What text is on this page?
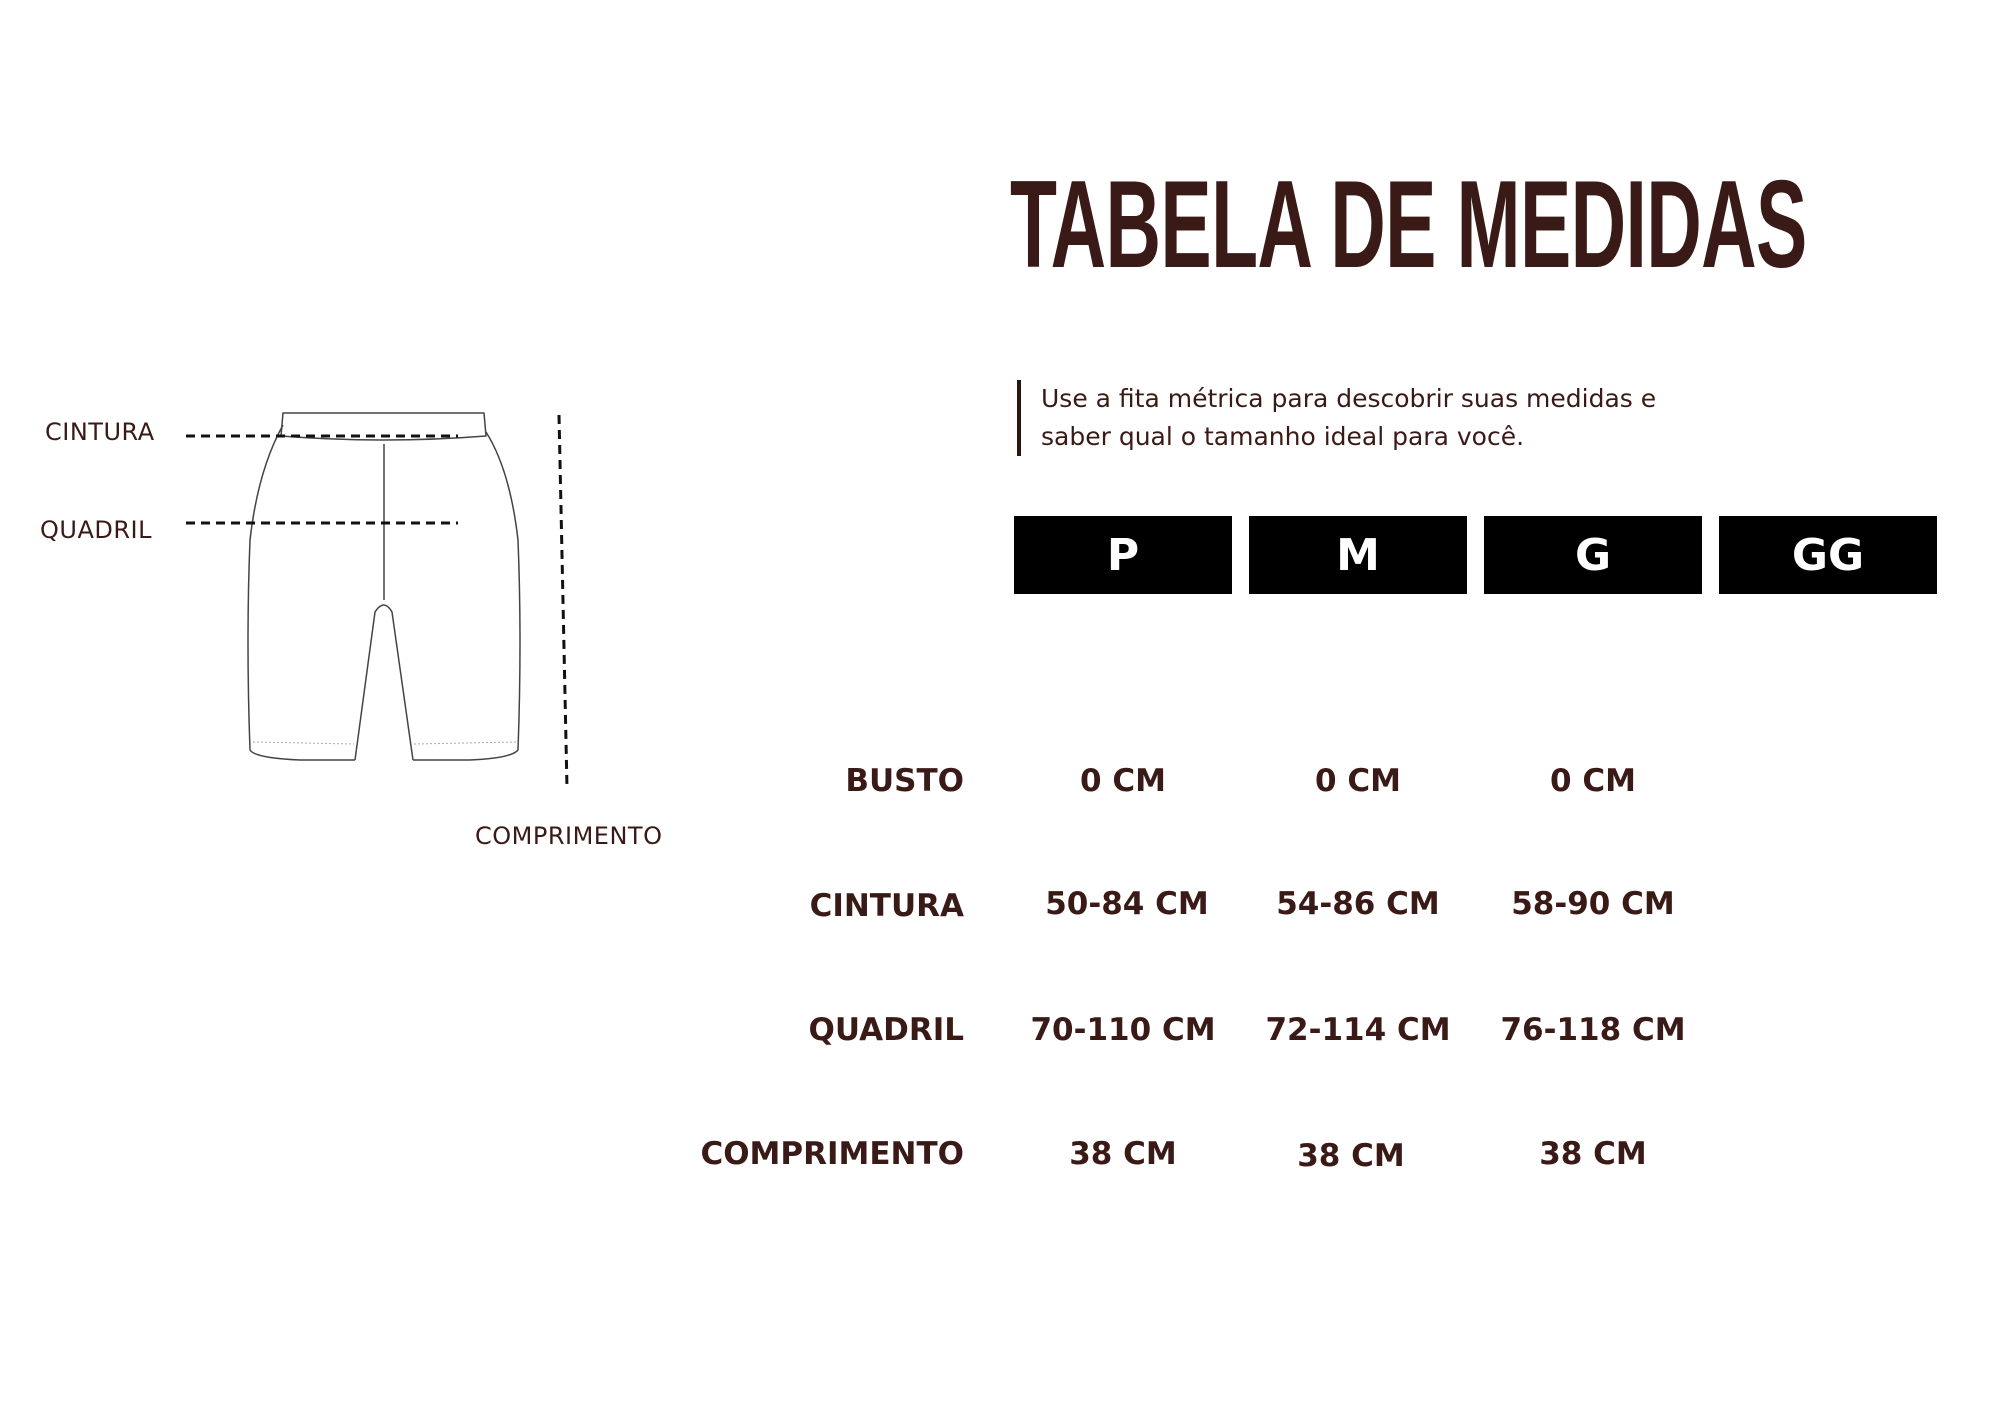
TABELA DE MEDIDAS

Use a fita métrica para descobrir suas medidas e

saber qual o tamanho ideal para você.

CINTURA
QUADRIL
COMPRIMENTO
P	M	G	GG
BUSTO	0 CM	0 CM	0 CM
CINTURA	50-84 CM	54-86 CM	58-90 CM
QUADRIL	70-110 CM	72-114 CM	76-118 CM
COMPRIMENTO	38 CM	38 CM	38 CM
